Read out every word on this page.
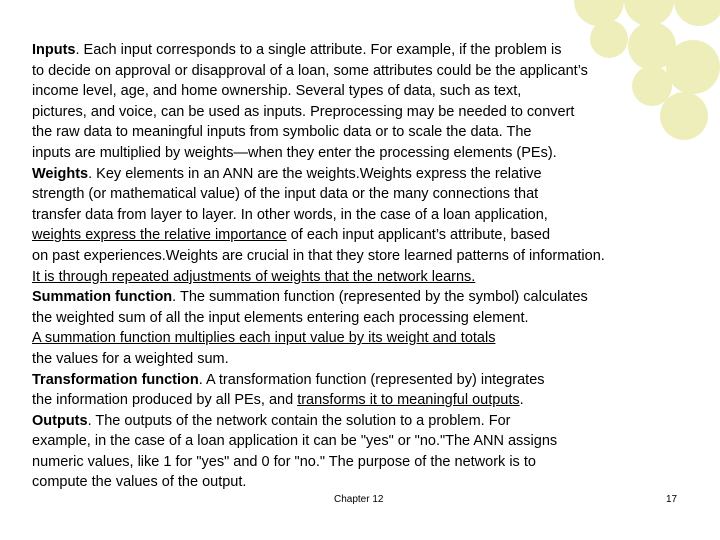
Inputs. Each input corresponds to a single attribute. For example, if the problem is
to decide on approval or disapproval of a loan, some attributes could be the applicant’s
income level, age, and home ownership. Several types of data, such as text,
pictures, and voice, can be used as inputs. Preprocessing may be needed to convert
the raw data to meaningful inputs from symbolic data or to scale the data. The
inputs are multiplied by weights—when they enter the processing elements (PEs).
Weights. Key elements in an ANN are the weights.Weights express the relative
strength (or mathematical value) of the input data or the many connections that
transfer data from layer to layer. In other words, in the case of a loan application,
weights express the relative importance of each input applicant’s attribute, based
on past experiences.Weights are crucial in that they store learned patterns of information.
It is through repeated adjustments of weights that the network learns.
Summation function. The summation function (represented by the symbol) calculates
the weighted sum of all the input elements entering each processing element.
A summation function multiplies each input value by its weight and totals
the values for a weighted sum.
Transformation function. A transformation function (represented by) integrates
the information produced by all PEs, and transforms it to meaningful outputs.
Outputs. The outputs of the network contain the solution to a problem. For
example, in the case of a loan application it can be "yes" or "no."The ANN assigns
numeric values, like 1 for "yes" and 0 for "no." The purpose of the network is to
compute the values of the output.
Chapter 12	17
